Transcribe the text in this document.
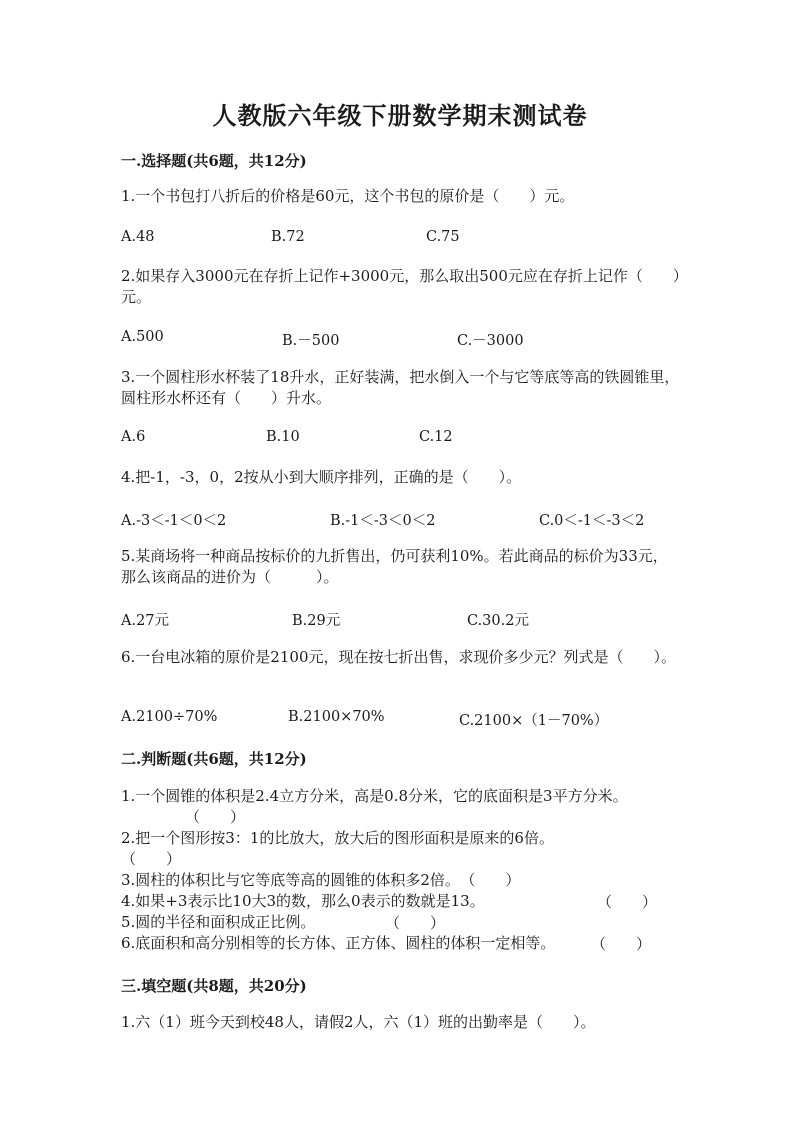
人教版六年级下册数学期末测试卷
一.选择题(共6题，共12分)
1.一个书包打八折后的价格是60元，这个书包的原价是（　　）元。
A.48	B.72	C.75
2.如果存入3000元在存折上记作+3000元，那么取出500元应在存折上记作（　　）元。
A.500	B.－500	C.－3000
3.一个圆柱形水杯装了18升水，正好装满，把水倒入一个与它等底等高的铁圆锥里，圆柱形水杯还有（　　）升水。
A.6	B.10	C.12
4.把-1，-3，0，2按从小到大顺序排列，正确的是（　　）。
A.-3＜-1＜0＜2	B.-1＜-3＜0＜2	C.0＜-1＜-3＜2
5.某商场将一种商品按标价的九折售出，仍可获利10%。若此商品的标价为33元，那么该商品的进价为（　　　）。
A.27元	B.29元	C.30.2元
6.一台电冰箱的原价是2100元，现在按七折出售，求现价多少元？列式是（　　）。
A.2100÷70%	B.2100×70%	C.2100×（1－70%）
二.判断题(共6题，共12分)
1.一个圆锥的体积是2.4立方分米，高是0.8分米，它的底面积是3平方分米。（　　）
2.把一个图形按3：1的比放大，放大后的图形面积是原来的6倍。
（　　）
3.圆柱的体积比与它等底等高的圆锥的体积多2倍。 （　　）
4.如果+3表示比10大3的数，那么0表示的数就是13。	（　　）
5.圆的半径和面积成正比例。	（　　）
6.底面积和高分别相等的长方体、正方体、圆柱的体积一定相等。	（　　）
三.填空题(共8题，共20分)
1.六（1）班今天到校48人，请假2人，六（1）班的出勤率是（　　）。
